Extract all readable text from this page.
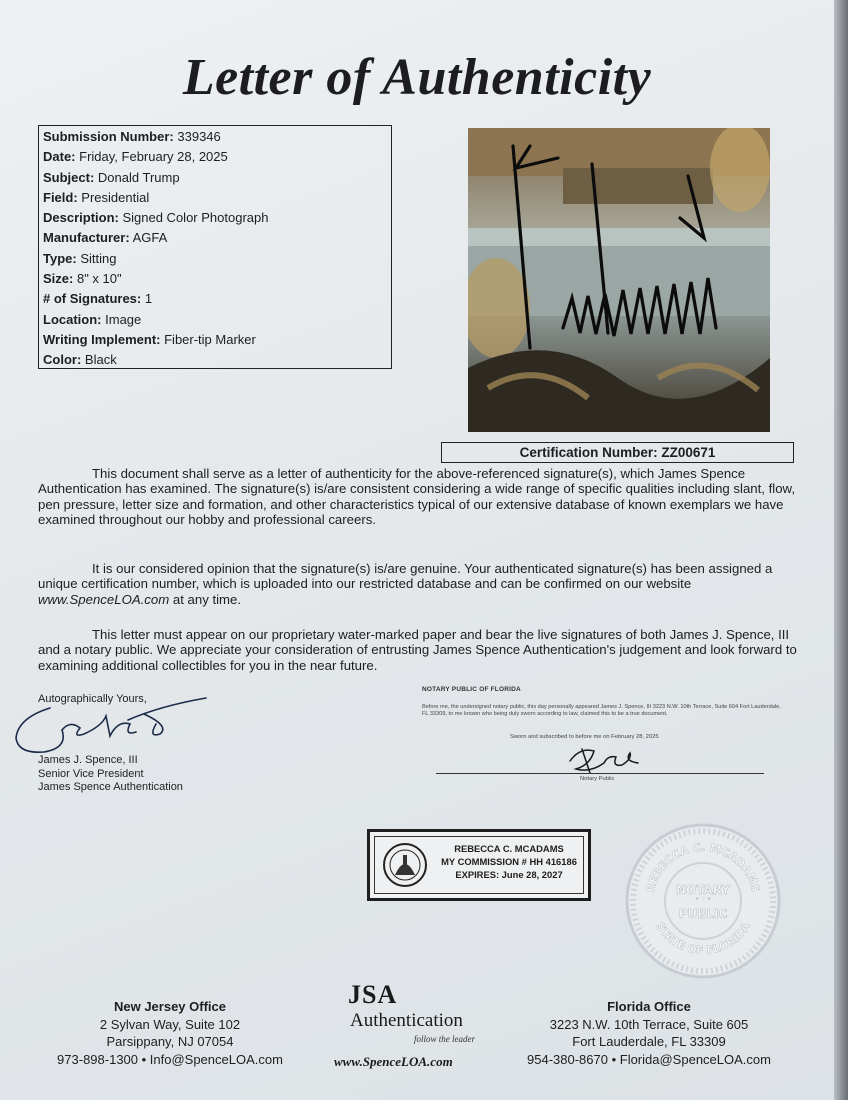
Letter of Authenticity
Submission Number: 339346
Date: Friday, February 28, 2025
Subject: Donald Trump
Field: Presidential
Description: Signed Color Photograph
Manufacturer: AGFA
Type: Sitting
Size: 8" x 10"
# of Signatures: 1
Location: Image
Writing Implement: Fiber-tip Marker
Color: Black
Certification Number: ZZ00671
This document shall serve as a letter of authenticity for the above-referenced signature(s), which James Spence Authentication has examined. The signature(s) is/are consistent considering a wide range of specific qualities including slant, flow, pen pressure, letter size and formation, and other characteristics typical of our extensive database of known exemplars we have examined throughout our hobby and professional careers.
It is our considered opinion that the signature(s) is/are genuine. Your authenticated signature(s) has been assigned a unique certification number, which is uploaded into our restricted database and can be confirmed on our website www.SpenceLOA.com at any time.
This letter must appear on our proprietary water-marked paper and bear the live signatures of both James J. Spence, III and a notary public. We appreciate your consideration of entrusting James Spence Authentication's judgement and look forward to examining additional collectibles for you in the near future.
Autographically Yours,
James J. Spence, III
Senior Vice President
James Spence Authentication
NOTARY PUBLIC OF FLORIDA
Before me, the undersigned notary public, this day personally appeared James J. Spence, III 3223 N.W. 10th Terrace, Suite 604 Fort Lauderdale, FL 33309, to me known who being duly sworn according to law, claimed this to be a true document.
Sworn and subscribed to before me on February 28, 2025
Notary Public
REBECCA C. MCADAMS
MY COMMISSION # HH 416186
EXPIRES: June 28, 2027
REBECCA C. MCADAMS
STATE OF FLORIDA
NOTARY
•◦•
PUBLIC
New Jersey Office
2 Sylvan Way, Suite 102
Parsippany, NJ 07054
973-898-1300 • Info@SpenceLOA.com
JSA
Authentication
follow the leader
www.SpenceLOA.com
Florida Office
3223 N.W. 10th Terrace, Suite 605
Fort Lauderdale, FL 33309
954-380-8670 • Florida@SpenceLOA.com
